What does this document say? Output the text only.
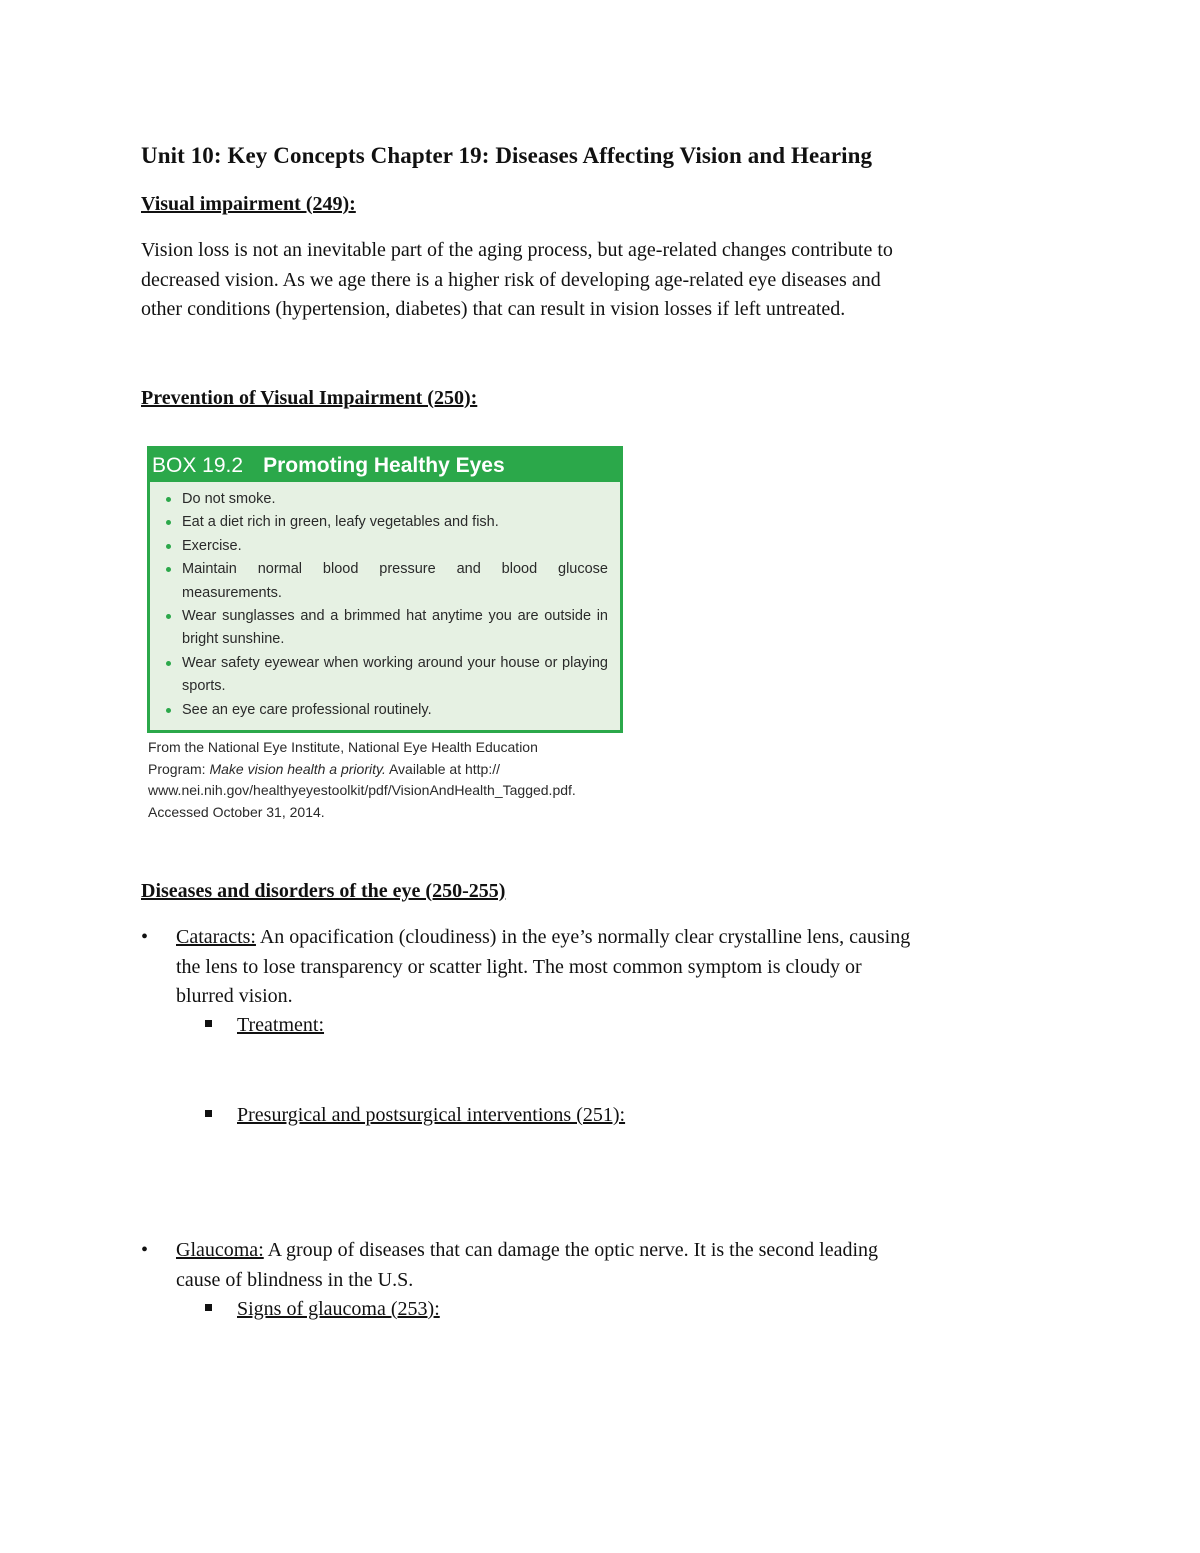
Unit 10: Key Concepts Chapter 19: Diseases Affecting Vision and Hearing
Visual impairment (249):
Vision loss is not an inevitable part of the aging process, but age-related changes contribute to
decreased vision. As we age there is a higher risk of developing age-related eye diseases and
other conditions (hypertension, diabetes) that can result in vision losses if left untreated.
Prevention of Visual Impairment (250):
BOX 19.2 Promoting Healthy Eyes
Do not smoke.
Eat a diet rich in green, leafy vegetables and fish.
Exercise.
Maintain normal blood pressure and blood glucose measurements.
Wear sunglasses and a brimmed hat anytime you are outside in bright sunshine.
Wear safety eyewear when working around your house or playing sports.
See an eye care professional routinely.
From the National Eye Institute, National Eye Health Education
Program: Make vision health a priority. Available at http://
www.nei.nih.gov/healthyeyestoolkit/pdf/VisionAndHealth_Tagged.pdf.
Accessed October 31, 2014.
Diseases and disorders of the eye (250-255)
• Cataracts: An opacification (cloudiness) in the eye’s normally clear crystalline lens, causing
the lens to lose transparency or scatter light. The most common symptom is cloudy or
blurred vision.
Treatment:
Presurgical and postsurgical interventions (251):
• Glaucoma: A group of diseases that can damage the optic nerve. It is the second leading
cause of blindness in the U.S.
Signs of glaucoma (253):
